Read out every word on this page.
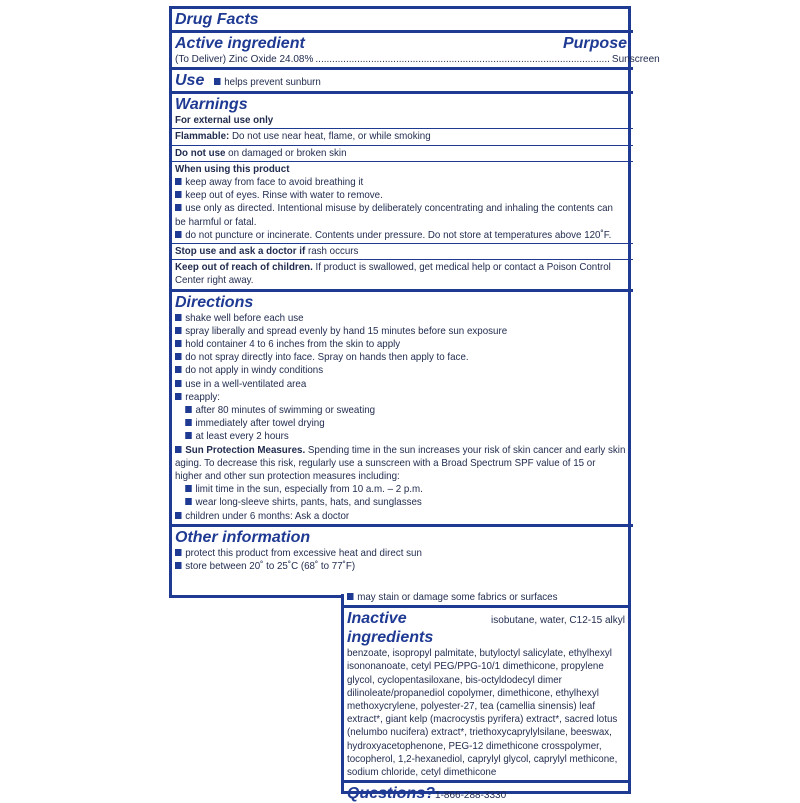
Drug Facts
Active ingredient	Purpose
(To Deliver) Zinc Oxide 24.08% .......................................................................................................... Sunscreen
Use	helps prevent sunburn
Warnings
For external use only
Flammable: Do not use near heat, flame, or while smoking
Do not use on damaged or broken skin
When using this product
keep away from face to avoid breathing it
keep out of eyes. Rinse with water to remove.
use only as directed. Intentional misuse by deliberately concentrating and inhaling the contents can
be harmful or fatal.
do not puncture or incinerate. Contents under pressure. Do not store at temperatures above 120˚F.
Stop use and ask a doctor if rash occurs
Keep out of reach of children. If product is swallowed, get medical help or contact a Poison Control
Center right away.
Directions
shake well before each use
spray liberally and spread evenly by hand 15 minutes before sun exposure
hold container 4 to 6 inches from the skin to apply
do not spray directly into face. Spray on hands then apply to face.
do not apply in windy conditions
use in a well-ventilated area
reapply:
after 80 minutes of swimming or sweating
immediately after towel drying
at least every 2 hours
Sun Protection Measures. Spending time in the sun increases your risk of skin cancer and early skin
aging. To decrease this risk, regularly use a sunscreen with a Broad Spectrum SPF value of 15 or
higher and other sun protection measures including:
limit time in the sun, especially from 10 a.m. – 2 p.m.
wear long-sleeve shirts, pants, hats, and sunglasses
children under 6 months: Ask a doctor
Other information
protect this product from excessive heat and direct sun
store between 20˚ to 25˚C (68˚ to 77˚F)
may stain or damage some fabrics or surfaces
Inactive ingredients
isobutane, water, C12-15 alkyl
benzoate, isopropyl palmitate, butyloctyl salicylate, ethylhexyl
isononanoate, cetyl PEG/PPG-10/1 dimethicone, propylene
glycol, cyclopentasiloxane, bis-octyldodecyl dimer
dilinoleate/propanediol copolymer, dimethicone, ethylhexyl
methoxycrylene, polyester-27, tea (camellia sinensis) leaf
extract*, giant kelp (macrocystis pyrifera) extract*, sacred lotus
(nelumbo nucifera) extract*, triethoxycaprylylsilane, beeswax,
hydroxyacetophenone, PEG-12 dimethicone crosspolymer,
tocopherol, 1,2-hexanediol, caprylyl glycol, caprylyl methicone,
sodium chloride, cetyl dimethicone
Questions? 1-866-288-3330
